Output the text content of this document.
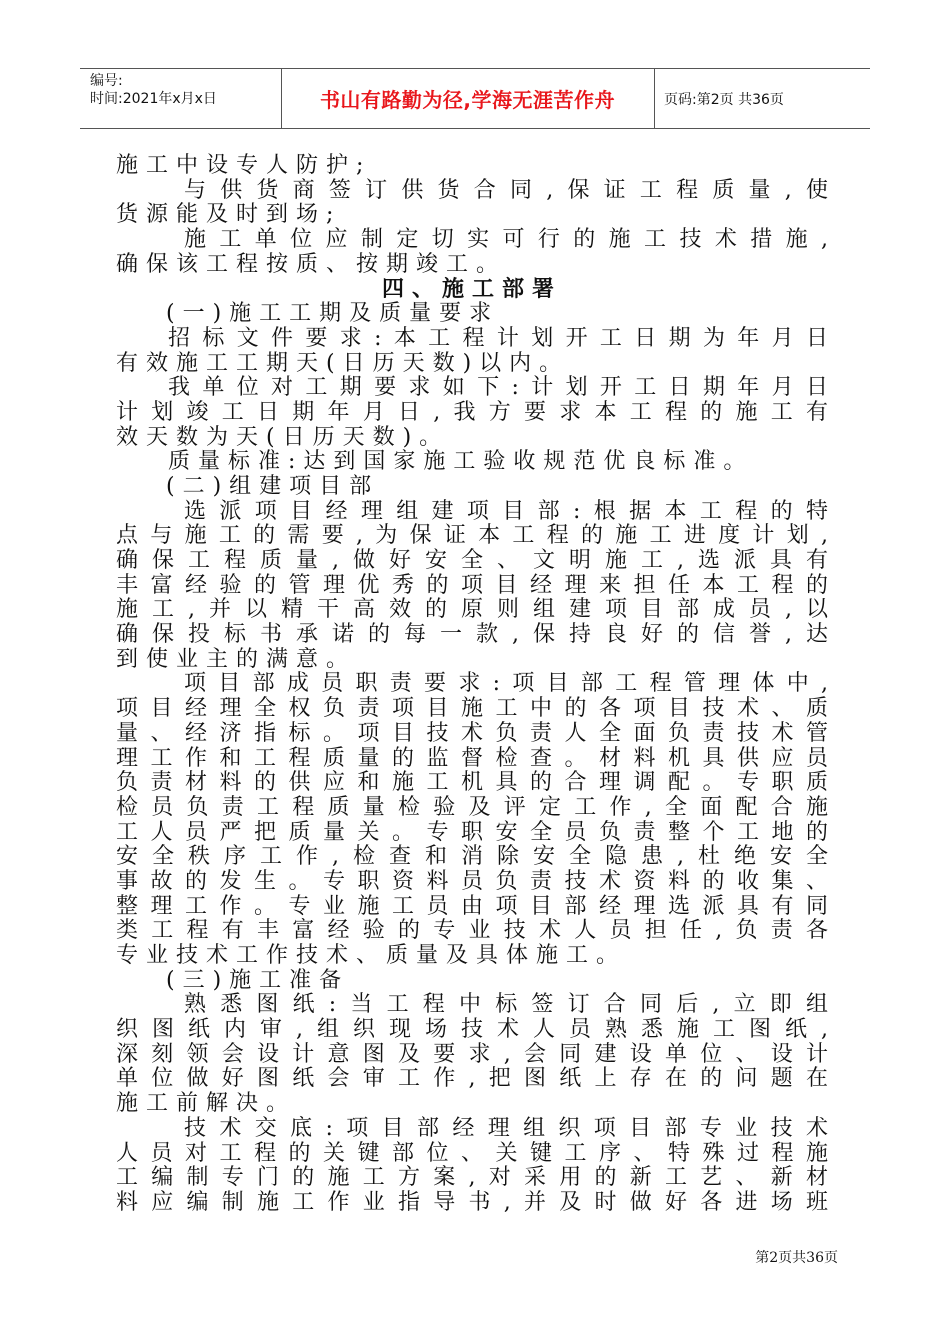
编号:
时间:2021年x月x日	书山有路勤为径,学海无涯苦作舟	页码:第2页 共36页
施工中设专人防护;
与供货商签订供货合同,保证工程质量,使
货源能及时到场;
施工单位应制定切实可行的施工技术措施,
确保该工程按质、按期竣工。
四、施工部署
(一)施工工期及质量要求
招标文件要求:本工程计划开工日期为年月日
有效施工工期天(日历天数)以内。
我单位对工期要求如下:计划开工日期年月日
计划竣工日期年月日,我方要求本工程的施工有
效天数为天(日历天数)。
质量标准:达到国家施工验收规范优良标准。
(二)组建项目部
选派项目经理组建项目部:根据本工程的特
点与施工的需要,为保证本工程的施工进度计划,
确保工程质量,做好安全、文明施工,选派具有
丰富经验的管理优秀的项目经理来担任本工程的
施工,并以精干高效的原则组建项目部成员,以
确保投标书承诺的每一款,保持良好的信誉,达
到使业主的满意。
项目部成员职责要求:项目部工程管理体中,
项目经理全权负责项目施工中的各项目技术、质
量、经济指标。项目技术负责人全面负责技术管
理工作和工程质量的监督检查。材料机具供应员
负责材料的供应和施工机具的合理调配。专职质
检员负责工程质量检验及评定工作,全面配合施
工人员严把质量关。专职安全员负责整个工地的
安全秩序工作,检查和消除安全隐患,杜绝安全
事故的发生。专职资料员负责技术资料的收集、
整理工作。专业施工员由项目部经理选派具有同
类工程有丰富经验的专业技术人员担任,负责各
专业技术工作技术、质量及具体施工。
(三)施工准备
熟悉图纸:当工程中标签订合同后,立即组
织图纸内审,组织现场技术人员熟悉施工图纸,
深刻领会设计意图及要求,会同建设单位、设计
单位做好图纸会审工作,把图纸上存在的问题在
施工前解决。
技术交底:项目部经理组织项目部专业技术
人员对工程的关键部位、关键工序、特殊过程施
工编制专门的施工方案,对采用的新工艺、新材
料应编制施工作业指导书,并及时做好各进场班
第2页共36页
